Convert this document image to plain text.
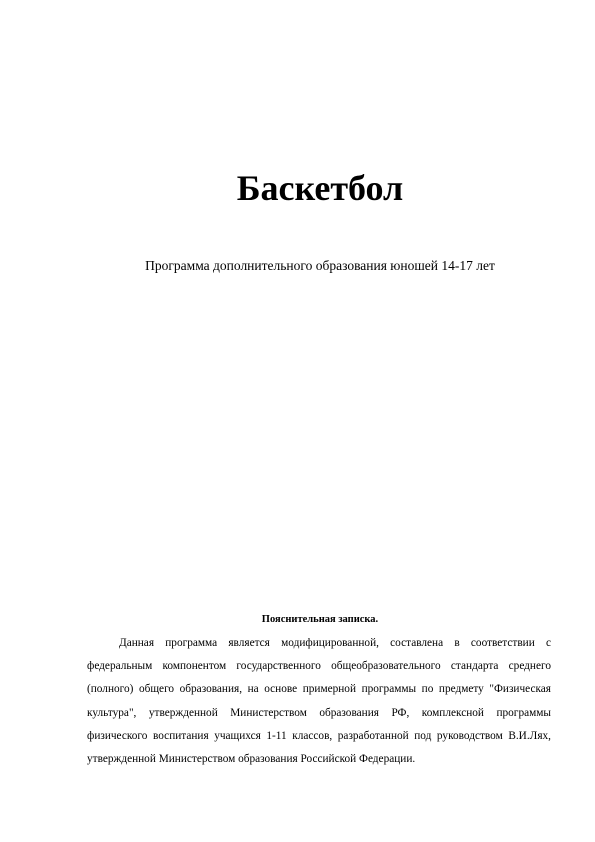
Баскетбол

Программа дополнительного образования юношей 14-17 лет

Пояснительная записка.

Данная программа является модифицированной, составлена в соответствии с федеральным компонентом государственного общеобразовательного стандарта среднего (полного) общего образования, на основе примерной программы по предмету "Физическая культура", утвержденной Министерством образования РФ, комплексной программы физического воспитания учащихся 1-11 классов, разработанной под руководством В.И.Лях, утвержденной Министерством образования Российской Федерации.
